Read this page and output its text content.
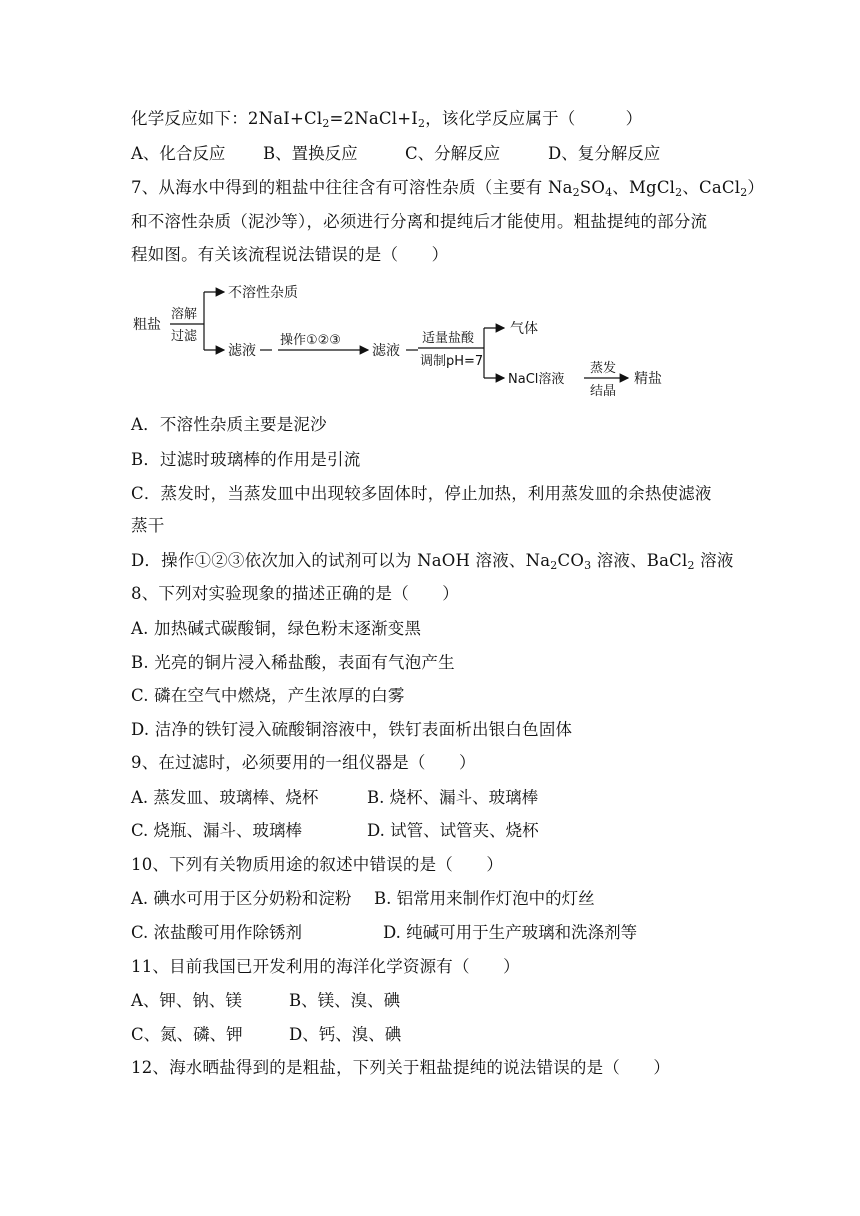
化学反应如下：$2NaI+Cl_2=2NaCl+I_2$，该化学反应属于（　　　）
A、化合反应 B、置换反应	C、分解反应	D、复分解反应
7、从海水中得到的粗盐中往往含有可溶性杂质（主要有 $Na_2SO_4$、MgCl$_2$、CaCl$_2$）
和不溶性杂质（泥沙等），必须进行分离和提纯后才能使用。粗盐提纯的部分流
程如图。有关该流程说法错误的是（　　）
粗盐
溶解
过滤
不溶性杂质
滤液
操作①②③
滤液
适量盐酸
调制pH=7
气体
NaCl溶液
蒸发
结晶
精盐
A．不溶性杂质主要是泥沙
B．过滤时玻璃棒的作用是引流
C．蒸发时，当蒸发皿中出现较多固体时，停止加热，利用蒸发皿的余热使滤液
蒸干
D．操作①②③依次加入的试剂可以为 NaOH 溶液、$Na_2CO_3$ 溶液、BaCl$_2$ 溶液
8、下列对实验现象的描述正确的是（　　）
A. 加热碱式碳酸铜，绿色粉末逐渐变黑
B. 光亮的铜片浸入稀盐酸，表面有气泡产生
C. 磷在空气中燃烧，产生浓厚的白雾
D. 洁净的铁钉浸入硫酸铜溶液中，铁钉表面析出银白色固体
9、在过滤时，必须要用的一组仪器是（　　）
A. 蒸发皿、玻璃棒、烧杯	B. 烧杯、漏斗、玻璃棒
C. 烧瓶、漏斗、玻璃棒	D. 试管、试管夹、烧杯
10、下列有关物质用途的叙述中错误的是（　　）
A. 碘水可用于区分奶粉和淀粉 B. 铝常用来制作灯泡中的灯丝
C. 浓盐酸可用作除锈剂	D. 纯碱可用于生产玻璃和洗涤剂等
11、目前我国已开发利用的海洋化学资源有（　　）
A、钾、钠、镁	B、镁、溴、碘
C、氮、磷、钾	D、钙、溴、碘
12、海水晒盐得到的是粗盐，下列关于粗盐提纯的说法错误的是（　　）
